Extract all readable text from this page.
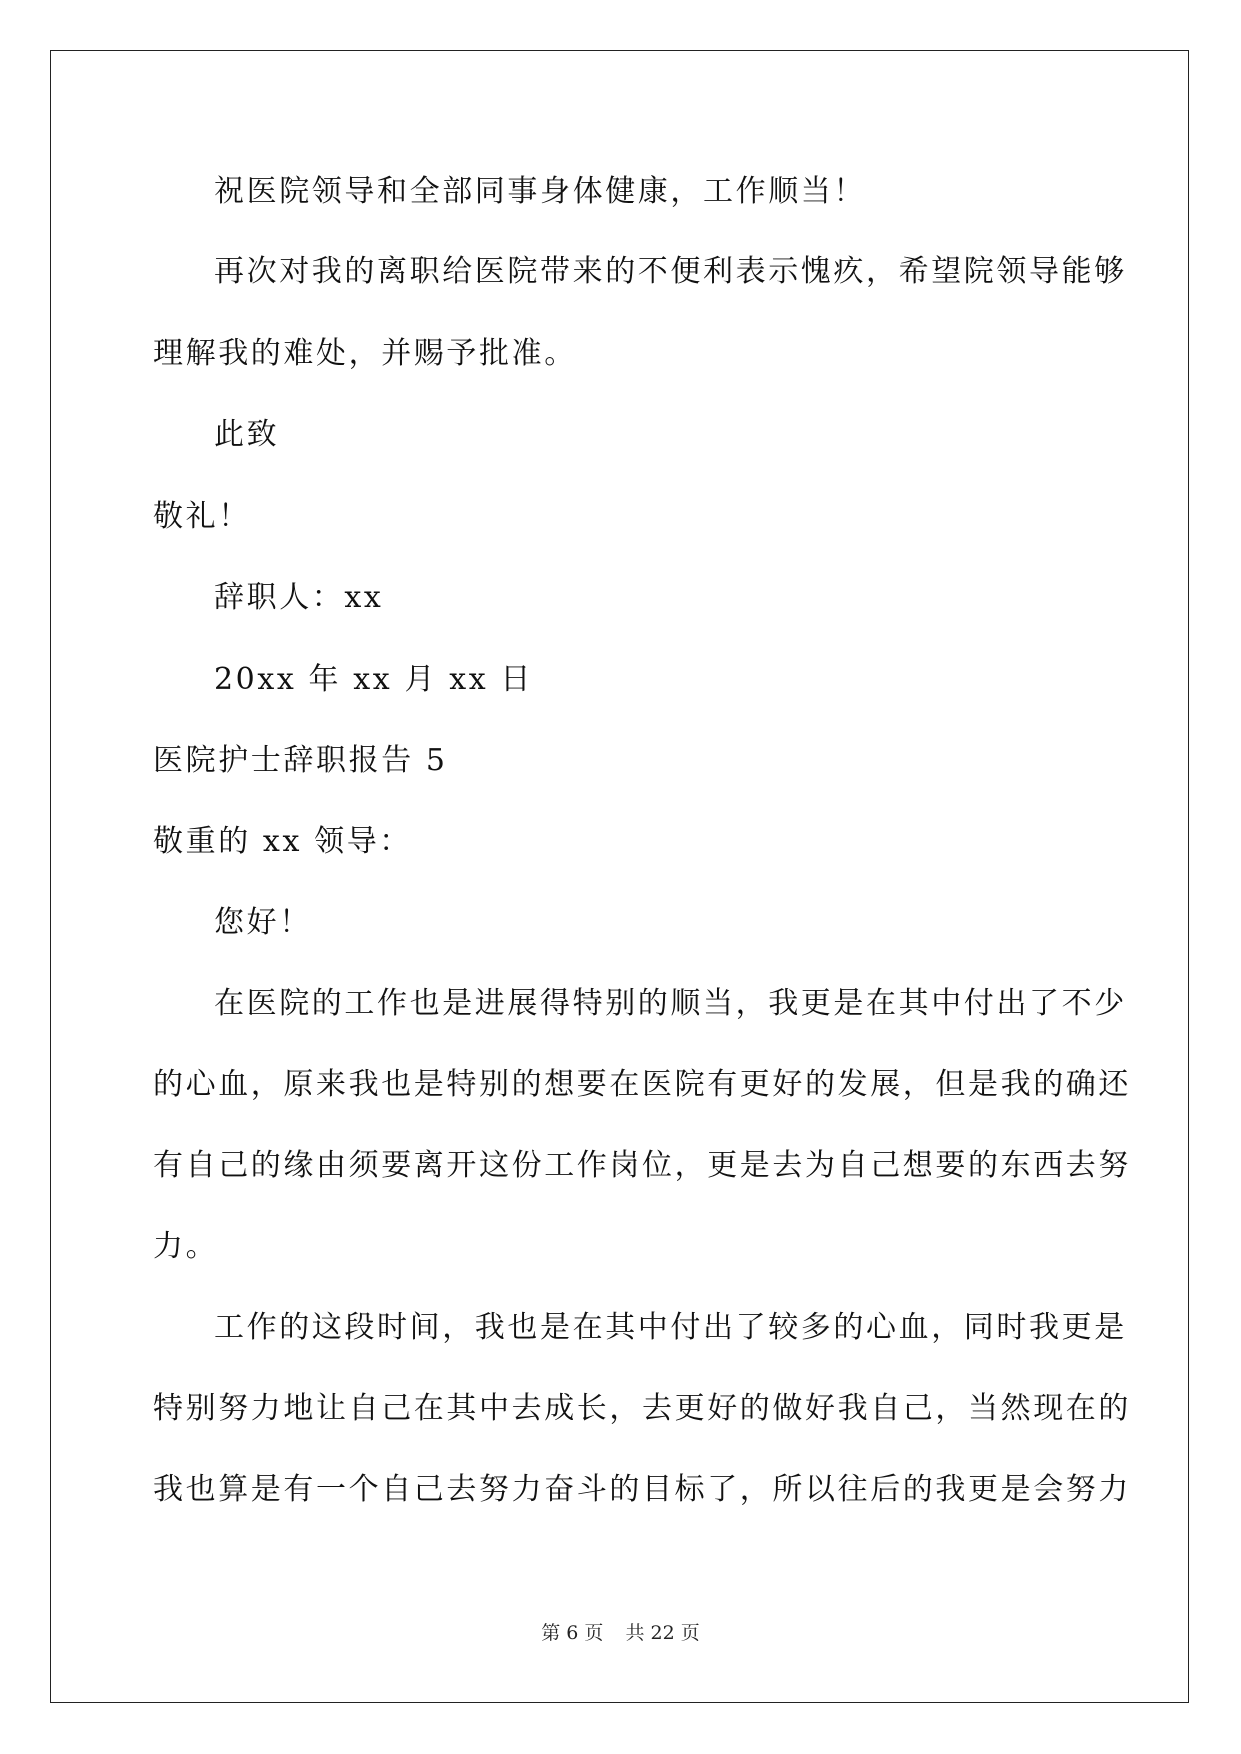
祝医院领导和全部同事身体健康，工作顺当！
再次对我的离职给医院带来的不便利表示愧疚，希望院领导能够
理解我的难处，并赐予批准。
此致
敬礼！
辞职人：xx
20xx 年 xx 月 xx 日
医院护士辞职报告 5
敬重的 xx 领导：
您好！
在医院的工作也是进展得特别的顺当，我更是在其中付出了不少
的心血，原来我也是特别的想要在医院有更好的发展，但是我的确还
有自己的缘由须要离开这份工作岗位，更是去为自己想要的东西去努
力。
工作的这段时间，我也是在其中付出了较多的心血，同时我更是
特别努力地让自己在其中去成长，去更好的做好我自己，当然现在的
我也算是有一个自己去努力奋斗的目标了，所以往后的我更是会努力
第 6 页 共 22 页
